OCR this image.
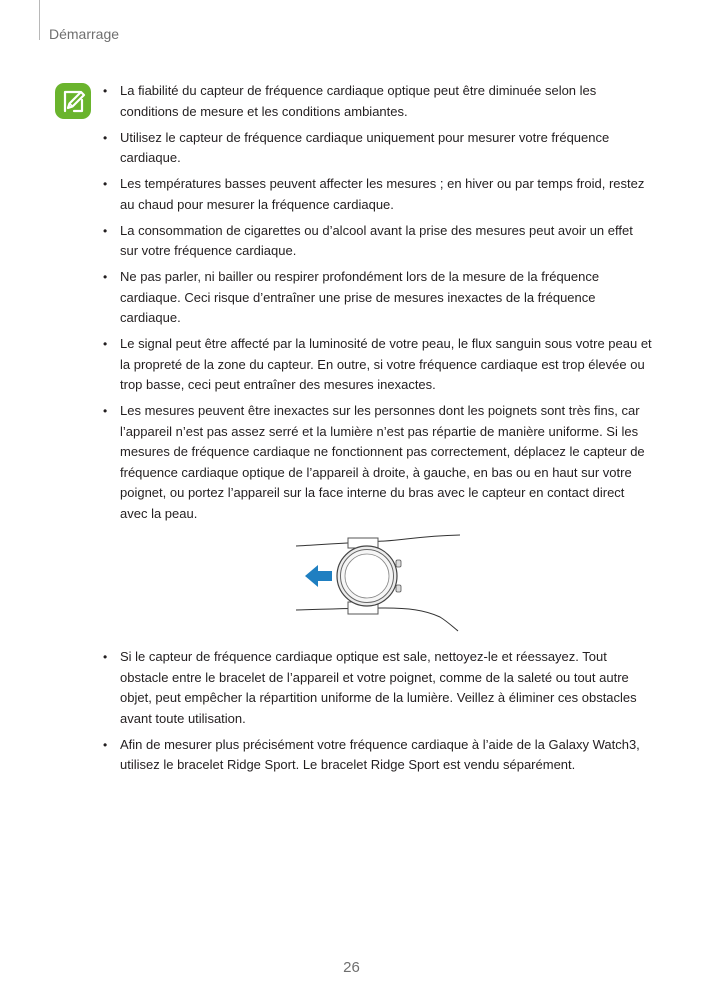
Démarrage
• La fiabilité du capteur de fréquence cardiaque optique peut être diminuée selon les conditions de mesure et les conditions ambiantes.
• Utilisez le capteur de fréquence cardiaque uniquement pour mesurer votre fréquence cardiaque.
• Les températures basses peuvent affecter les mesures ; en hiver ou par temps froid, restez au chaud pour mesurer la fréquence cardiaque.
• La consommation de cigarettes ou d’alcool avant la prise des mesures peut avoir un effet sur votre fréquence cardiaque.
• Ne pas parler, ni bailler ou respirer profondément lors de la mesure de la fréquence cardiaque. Ceci risque d’entraîner une prise de mesures inexactes de la fréquence cardiaque.
• Le signal peut être affecté par la luminosité de votre peau, le flux sanguin sous votre peau et la propreté de la zone du capteur. En outre, si votre fréquence cardiaque est trop élevée ou trop basse, ceci peut entraîner des mesures inexactes.
• Les mesures peuvent être inexactes sur les personnes dont les poignets sont très fins, car l’appareil n’est pas assez serré et la lumière n’est pas répartie de manière uniforme. Si les mesures de fréquence cardiaque ne fonctionnent pas correctement, déplacez le capteur de fréquence cardiaque optique de l’appareil à droite, à gauche, en bas ou en haut sur votre poignet, ou portez l’appareil sur la face interne du bras avec le capteur en contact direct avec la peau.
• Si le capteur de fréquence cardiaque optique est sale, nettoyez-le et réessayez. Tout obstacle entre le bracelet de l’appareil et votre poignet, comme de la saleté ou tout autre objet, peut empêcher la répartition uniforme de la lumière. Veillez à éliminer ces obstacles avant toute utilisation.
• Afin de mesurer plus précisément votre fréquence cardiaque à l’aide de la Galaxy Watch3, utilisez le bracelet Ridge Sport. Le bracelet Ridge Sport est vendu séparément.
26
